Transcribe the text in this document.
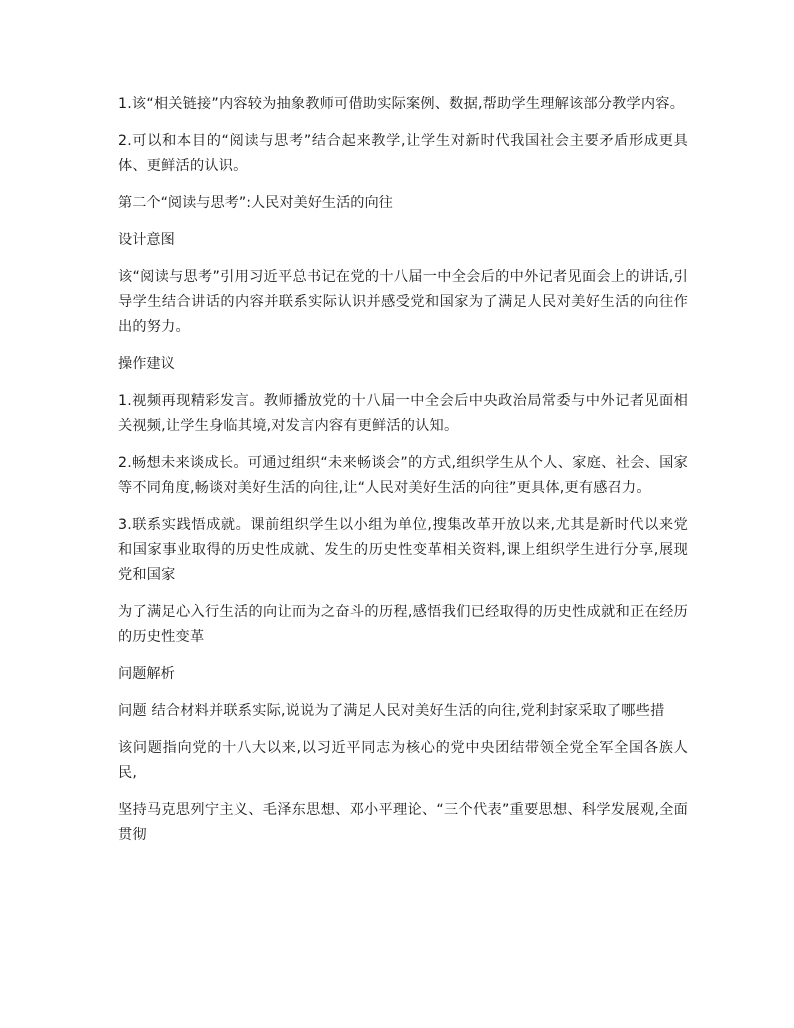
1.该“相关链接”内容较为抽象教师可借助实际案例、数据,帮助学生理解该部分教学内容。

2.可以和本目的“阅读与思考”结合起来教学,让学生对新时代我国社会主要矛盾形成更具体、更鲜活的认识。

第二个“阅读与思考”:人民对美好生活的向往

设计意图

该“阅读与思考”引用习近平总书记在党的十八届一中全会后的中外记者见面会上的讲话,引导学生结合讲话的内容并联系实际认识并感受党和国家为了满足人民对美好生活的向往作出的努力。

操作建议

1.视频再现精彩发言。教师播放党的十八届一中全会后中央政治局常委与中外记者见面相关视频,让学生身临其境,对发言内容有更鲜活的认知。

2.畅想未来谈成长。可通过组织“未来畅谈会”的方式,组织学生从个人、家庭、社会、国家等不同角度,畅谈对美好生活的向往,让“人民对美好生活的向往”更具体,更有感召力。

3.联系实践悟成就。课前组织学生以小组为单位,搜集改革开放以来,尤其是新时代以来党和国家事业取得的历史性成就、发生的历史性变革相关资料,课上组织学生进行分享,展现党和国家

为了满足心入行生活的向让而为之奋斗的历程,感悟我们已经取得的历史性成就和正在经历的历史性变革

问题解析

问题 结合材料并联系实际,说说为了满足人民对美好生活的向往,党利封家采取了哪些措

该问题指向党的十八大以来,以习近平同志为核心的党中央团结带领全党全军全国各族人民,

坚持马克思列宁主义、毛泽东思想、邓小平理论、“三个代表”重要思想、科学发展观,全面贯彻
